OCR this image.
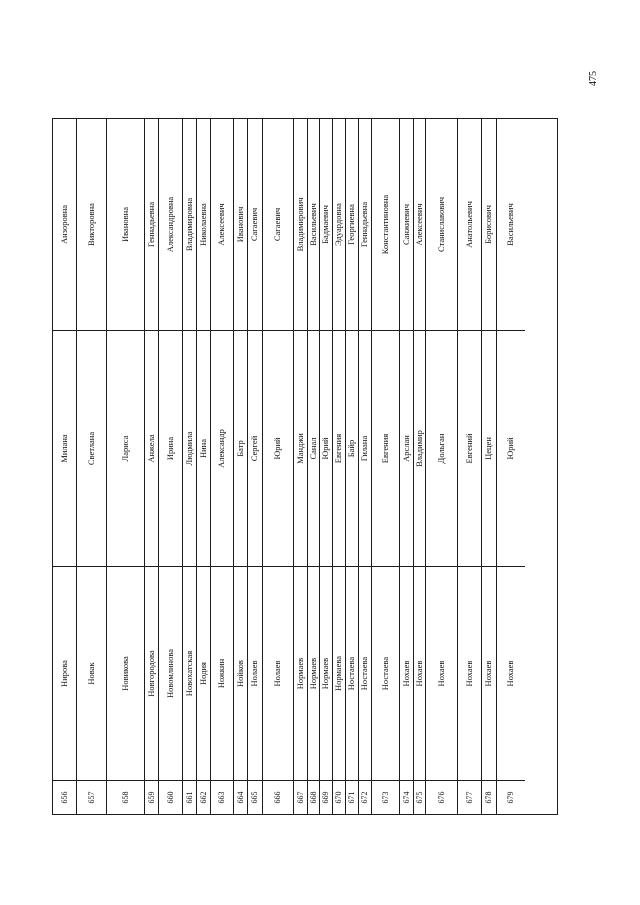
475
656
Нирова
Милана
Анзоровна
657
Новак
Светлана
Викторовна
658
Новикова
Лариса
Ивановна
659
Новгородова
Анжела
Геннадьевна
660
Новомлинова
Ирина
Александровна
661
Новохатская
Людмила
Владимировна
662
Нодия
Нина
Николаевна
663
Ножкин
Александр
Алексеевич
664
Нойков
Батр
Иванович
665
Нолаев
Сергей
Сагаевич
666
Нолаев
Юрий
Сагаевич
667
Нормаев
Манджи
Владимирович
668
Нормаев
Санал
Васильевич
669
Нормаев
Юрий
Бадмаевич
670
Нормаева
Евгения
Эдуардовна
671
Ностаева
Байр
Георгиевна
672
Ностаева
Гилана
Геннадьевна
673
Ностаева
Евгения
Константиновна
674
Нохаев
Арслан
Санжиевич
675
Нохаев
Владимир
Алексеевич
676
Нохаев
Дольган
Станиславович
677
Нохаев
Евгений
Анатольевич
678
Нохаев
Цецен
Борисович
679
Нохаев
Юрий
Васильевич
